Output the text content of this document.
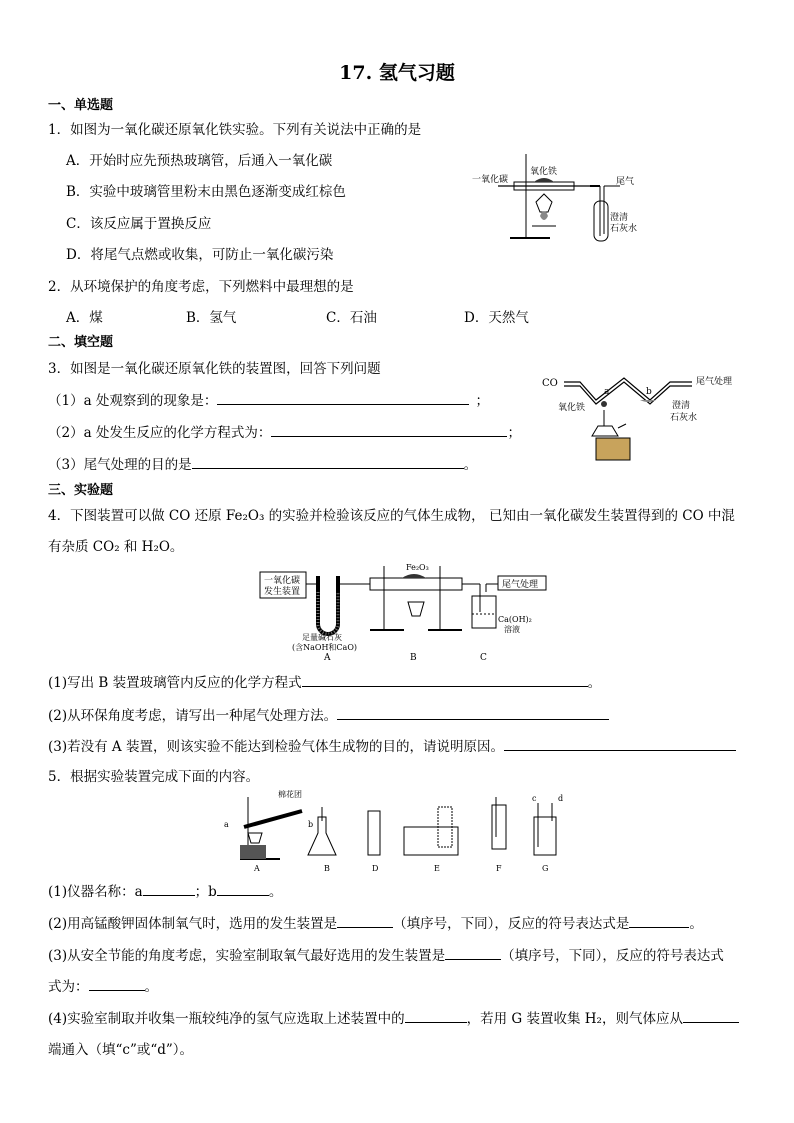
17. 氢气习题
一、单选题
1．如图为一氧化碳还原氧化铁实验。下列有关说法中正确的是
A．开始时应先预热玻璃管，后通入一氧化碳
B．实验中玻璃管里粉末由黑色逐渐变成红棕色
C．该反应属于置换反应
D．将尾气点燃或收集，可防止一氧化碳污染
一氧化碳
氧化铁
尾气
澄清
石灰水
2．从环境保护的角度考虑，下列燃料中最理想的是
A．煤	B．氢气	C．石油	D．天然气
二、填空题
3．如图是一氧化碳还原氧化铁的装置图，回答下列问题
（1）a 处观察到的现象是：	；
（2）a 处发生反应的化学方程式为：	；
（3）尾气处理的目的是	。
CO
a	b
尾气处理
氧化铁	澄清
石灰水
三、实验题
4．下图装置可以做 CO 还原 Fe₂O₃ 的实验并检验该反应的气体生成物， 已知由一氧化碳发生装置得到的 CO 中混
有杂质 CO₂ 和 H₂O。
一氧化碳
发生装置
足量碱石灰
(含NaOH和CaO)
A
Fe₂O₃
B
尾气处理
Ca(OH)₂
溶液
C
(1)写出 B 装置玻璃管内反应的化学方程式	。
(2)从环保角度考虑，请写出一种尾气处理方法。
(3)若没有 A 装置，则该实验不能达到检验气体生成物的目的，请说明原因。
5．根据实验装置完成下面的内容。
棉花团
a
A
b
B	D	E	F
c	d
G
(1)仪器名称：a	；b	。
(2)用高锰酸钾固体制氧气时，选用的发生装置是	（填序号，下同），反应的符号表达式是	。
(3)从安全节能的角度考虑，实验室制取氧气最好选用的发生装置是	（填序号，下同），反应的符号表达式
式为：	。
(4)实验室制取并收集一瓶较纯净的氢气应选取上述装置中的	，若用 G 装置收集 H₂，则气体应从
端通入（填“c”或“d”）。
